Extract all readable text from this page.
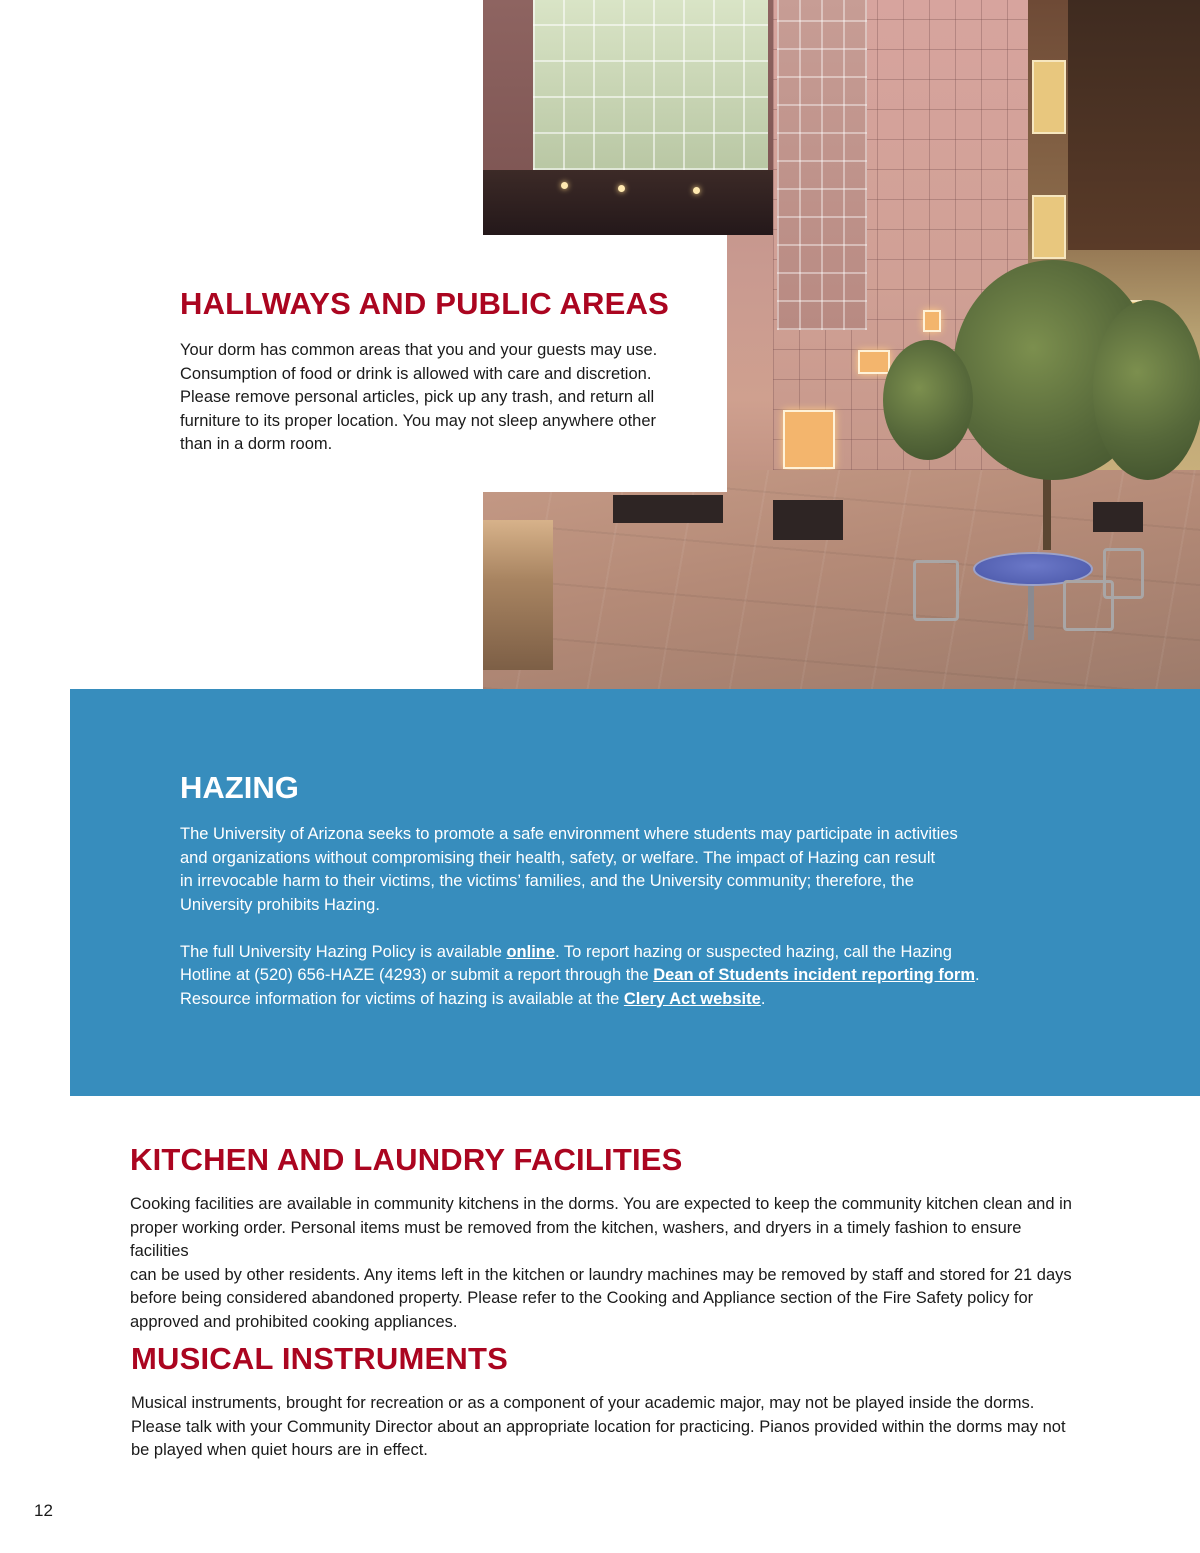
HALLWAYS AND PUBLIC AREAS

Your dorm has common areas that you and your guests may use.

Consumption of food or drink is allowed with care and discretion.

Please remove personal articles, pick up any trash, and return all

furniture to its proper location. You may not sleep anywhere other

than in a dorm room.

HAZING

The University of Arizona seeks to promote a safe environment where students may participate in activities

and organizations without compromising their health, safety, or welfare. The impact of Hazing can result

in irrevocable harm to their victims, the victims’ families, and the University community; therefore, the

University prohibits Hazing.

The full University Hazing Policy is available online. To report hazing or suspected hazing, call the Hazing

Hotline at (520) 656-HAZE (4293) or submit a report through the Dean of Students incident reporting form.

Resource information for victims of hazing is available at the Clery Act website.

KITCHEN AND LAUNDRY FACILITIES

Cooking facilities are available in community kitchens in the dorms. You are expected to keep the community kitchen clean and in

proper working order. Personal items must be removed from the kitchen, washers, and dryers in a timely fashion to ensure facilities

can be used by other residents. Any items left in the kitchen or laundry machines may be removed by staff and stored for 21 days

before being considered abandoned property. Please refer to the Cooking and Appliance section of the Fire Safety policy for

approved and prohibited cooking appliances.

MUSICAL INSTRUMENTS

Musical instruments, brought for recreation or as a component of your academic major, may not be played inside the dorms.

Please talk with your Community Director about an appropriate location for practicing. Pianos provided within the dorms may not

be played when quiet hours are in effect.

12
